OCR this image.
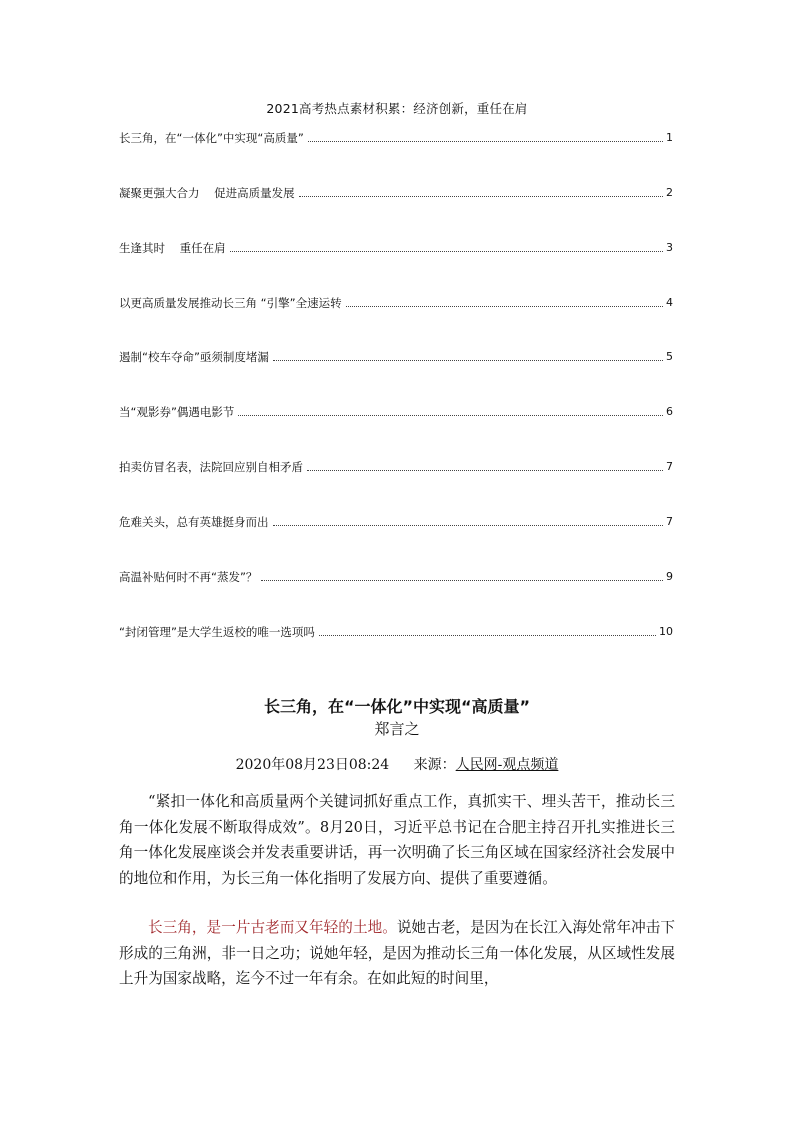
2021高考热点素材积累：经济创新，重任在肩
长三角，在“一体化”中实现“高质量”	1
凝聚更强大合力    促进高质量发展	2
生逢其时    重任在肩	3
以更高质量发展推动长三角 “引擎”全速运转	4
遏制“校车夺命”亟须制度堵漏	5
当“观影券”偶遇电影节	6
拍卖仿冒名表，法院回应别自相矛盾	7
危难关头，总有英雄挺身而出	7
高温补贴何时不再“蒸发”？	9
“封闭管理”是大学生返校的唯一选项吗	10
长三角，在“一体化”中实现“高质量”
郑言之
2020年08月23日08:24 来源：人民网-观点频道

“紧扣一体化和高质量两个关键词抓好重点工作，真抓实干、埋头苦干，推动长三角一体化发展不断取得成效”。8月20日，习近平总书记在合肥主持召开扎实推进长三角一体化发展座谈会并发表重要讲话，再一次明确了长三角区域在国家经济社会发展中的地位和作用，为长三角一体化指明了发展方向、提供了重要遵循。

长三角，是一片古老而又年轻的土地。说她古老，是因为在长江入海处常年冲击下形成的三角洲，非一日之功；说她年轻，是因为推动长三角一体化发展，从区域性发展上升为国家战略，迄今不过一年有余。在如此短的时间里，
